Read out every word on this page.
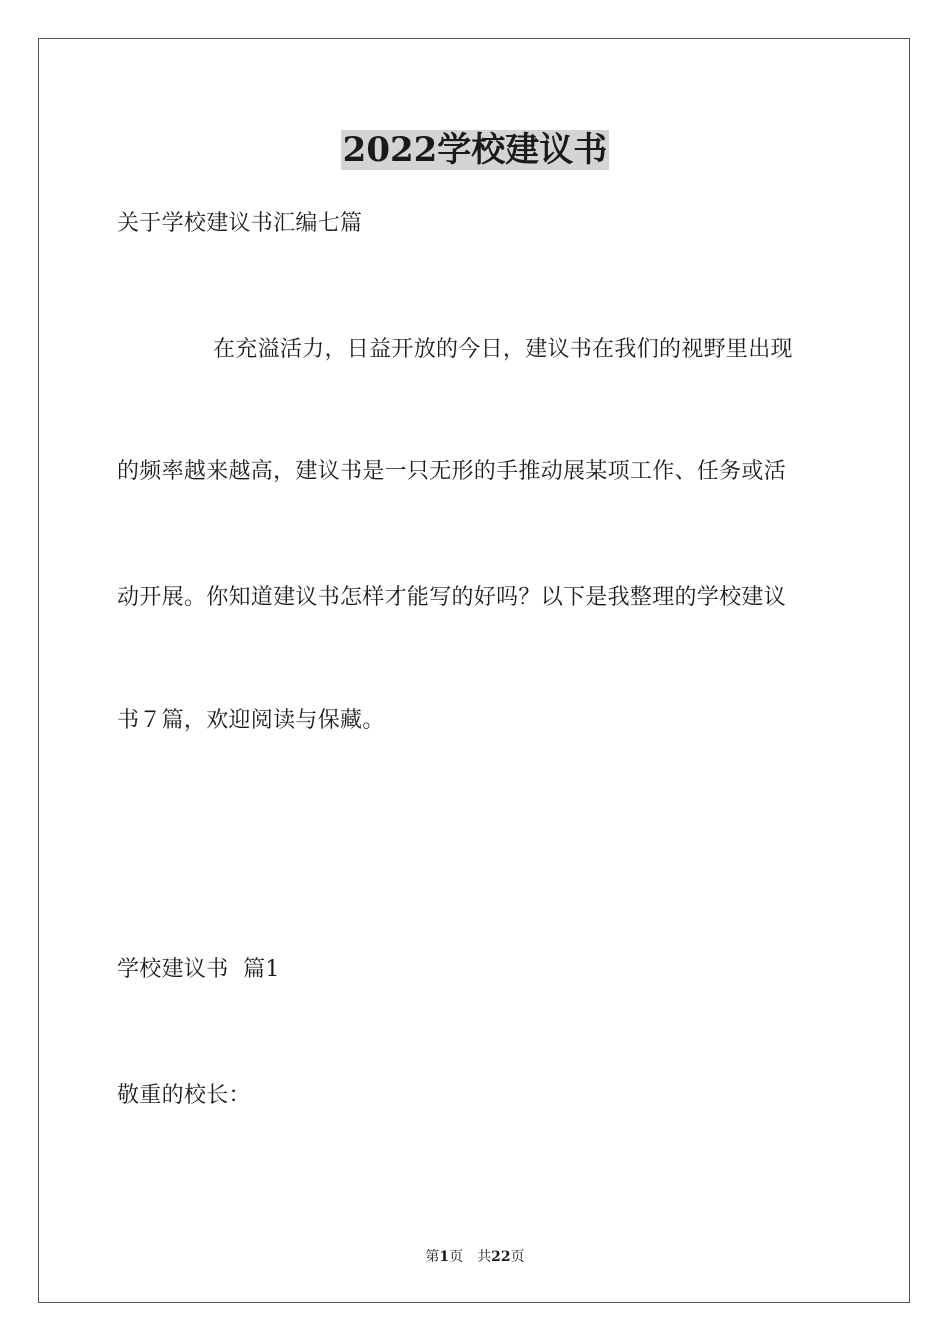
2022学校建议书
关于学校建议书汇编七篇
在充溢活力，日益开放的今日，建议书在我们的视野里出现
的频率越来越高，建议书是一只无形的手推动展某项工作、任务或活
动开展。你知道建议书怎样才能写的好吗？以下是我整理的学校建议
书７篇，欢迎阅读与保藏。
学校建议书  篇1
敬重的校长：
第1页 共22页
